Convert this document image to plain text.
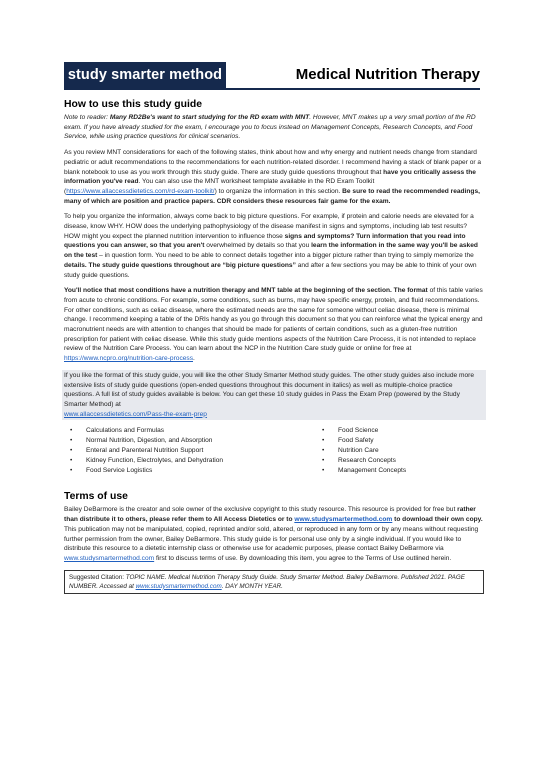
study smarter method	Medical Nutrition Therapy
How to use this study guide

Note to reader: Many RD2Be's want to start studying for the RD exam with MNT. However, MNT makes up a very small portion of the RD exam. If you have already studied for the exam, I encourage you to focus instead on Management Concepts, Research Concepts, and Food Service, while using practice questions for clinical scenarios.

As you review MNT considerations for each of the following states, think about how and why energy and nutrient needs change from standard pediatric or adult recommendations to the recommendations for each nutrition-related disorder. I recommend having a stack of blank paper or a blank notebook to use as you work through this study guide. There are study guide questions throughout that have you critically assess the information you've read. You can also use the MNT worksheet template available in the RD Exam Toolkit (https://www.allaccessdietetics.com/rd-exam-toolkit/) to organize the information in this section. Be sure to read the recommended readings, many of which are position and practice papers. CDR considers these resources fair game for the exam.

To help you organize the information, always come back to big picture questions. For example, if protein and calorie needs are elevated for a disease, know WHY. HOW does the underlying pathophysiology of the disease manifest in signs and symptoms, including lab test results? HOW might you expect the planned nutrition intervention to influence those signs and symptoms? Turn information that you read into questions you can answer, so that you aren't overwhelmed by details so that you learn the information in the same way you'll be asked on the test – in question form. You need to be able to connect details together into a bigger picture rather than trying to simply memorize the details. The study guide questions throughout are “big picture questions” and after a few sections you may be able to think of your own study guide questions.

You'll notice that most conditions have a nutrition therapy and MNT table at the beginning of the section. The format of this table varies from acute to chronic conditions. For example, some conditions, such as burns, may have specific energy, protein, and fluid recommendations. For other conditions, such as celiac disease, where the estimated needs are the same for someone without celiac disease, there is minimal change. I recommend keeping a table of the DRIs handy as you go through this document so that you can reinforce what the typical energy and macronutrient needs are with attention to changes that should be made for patients of certain conditions, such as a gluten-free nutrition prescription for patient with celiac disease. While this study guide mentions aspects of the Nutrition Care Process, it is not intended to replace review of the Nutrition Care Process. You can learn about the NCP in the Nutrition Care study guide or online for free at https://www.ncpro.org/nutrition-care-process.

If you like the format of this study guide, you will like the other Study Smarter Method study guides. The other study guides also include more extensive lists of study guide questions (open-ended questions throughout this document in italics) as well as multiple-choice practice questions. A full list of study guides available is below. You can get these 10 study guides in Pass the Exam Prep (powered by the Study Smarter Method) at
www.allaccessdietetics.com/Pass-the-exam-prep

• Calculations and Formulas	• Food Science
• Normal Nutrition, Digestion, and Absorption	• Food Safety
• Enteral and Parenteral Nutrition Support	• Nutrition Care
• Kidney Function, Electrolytes, and Dehydration	• Research Concepts
• Food Service Logistics	• Management Concepts
Terms of use

Bailey DeBarmore is the creator and sole owner of the exclusive copyright to this study resource. This resource is provided for free but rather than distribute it to others, please refer them to All Access Dietetics or to www.studysmartermethod.com to download their own copy. This publication may not be manipulated, copied, reprinted and/or sold, altered, or reproduced in any form or by any means without requesting further permission from the owner, Bailey DeBarmore. This study guide is for personal use only by a single individual. If you would like to distribute this resource to a dietetic internship class or otherwise use for academic purposes, please contact Bailey DeBarmore via www.studysmartermethod.com first to discuss terms of use. By downloading this item, you agree to the Terms of Use outlined herein.

Suggested Citation: TOPIC NAME. Medical Nutrition Therapy Study Guide. Study Smarter Method. Bailey DeBarmore. Published 2021. PAGE NUMBER. Accessed at www.studysmartermethod.com. DAY MONTH YEAR.
